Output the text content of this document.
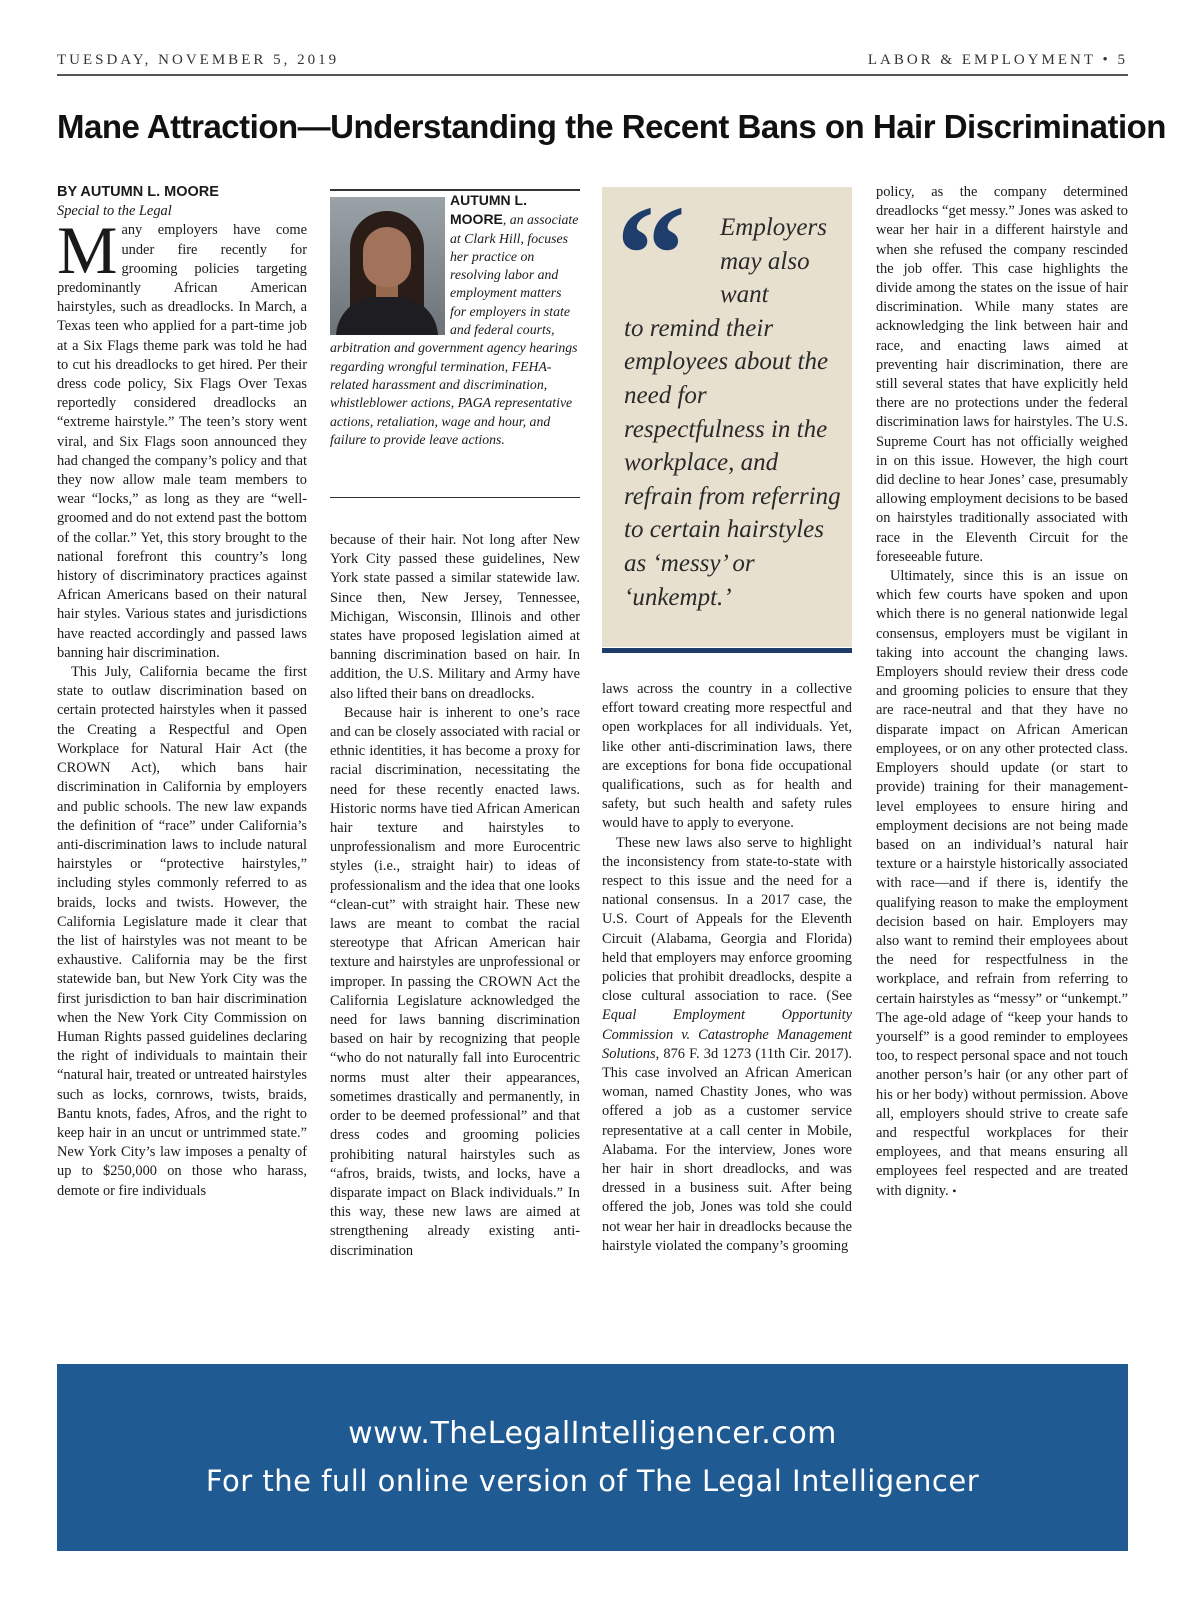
TUESDAY, NOVEMBER 5, 2019	LABOR & EMPLOYMENT • 5
Mane Attraction—Understanding the Recent Bans on Hair Discrimination

BY AUTUMN L. MOORE

Special to the Legal

Many employers have come under fire recently for grooming policies targeting predominantly African American hairstyles, such as dreadlocks. In March, a Texas teen who applied for a part-time job at a Six Flags theme park was told he had to cut his dreadlocks to get hired. Per their dress code policy, Six Flags Over Texas reportedly considered dreadlocks an “extreme hairstyle.” The teen’s story went viral, and Six Flags soon announced they had changed the company’s policy and that they now allow male team members to wear “locks,” as long as they are “well-groomed and do not extend past the bottom of the collar.” Yet, this story brought to the national forefront this country’s long history of discriminatory practices against African Americans based on their natural hair styles. Various states and jurisdictions have reacted accordingly and passed laws banning hair discrimination.

This July, California became the first state to outlaw discrimination based on certain protected hairstyles when it passed the Creating a Respectful and Open Workplace for Natural Hair Act (the CROWN Act), which bans hair discrimination in California by employers and public schools. The new law expands the definition of “race” under California’s anti-discrimination laws to include natural hairstyles or “protective hairstyles,” including styles commonly referred to as braids, locks and twists. However, the California Legislature made it clear that the list of hairstyles was not meant to be exhaustive. California may be the first statewide ban, but New York City was the first jurisdiction to ban hair discrimination when the New York City Commission on Human Rights passed guidelines declaring the right of individuals to maintain their “natural hair, treated or untreated hairstyles such as locks, cornrows, twists, braids, Bantu knots, fades, Afros, and the right to keep hair in an uncut or untrimmed state.” New York City’s law imposes a penalty of up to $250,000 on those who harass, demote or fire individuals

AUTUMN L. MOORE, an associate at Clark Hill, focuses her practice on resolving labor and employment matters for employers in state and federal courts, arbitration and government agency hearings regarding wrongful termination, FEHA-related harassment and discrimination, whistleblower actions, PAGA representative actions, retaliation, wage and hour, and failure to provide leave actions.

because of their hair. Not long after New York City passed these guidelines, New York state passed a similar statewide law. Since then, New Jersey, Tennessee, Michigan, Wisconsin, Illinois and other states have proposed legislation aimed at banning discrimination based on hair. In addition, the U.S. Military and Army have also lifted their bans on dreadlocks.

Because hair is inherent to one’s race and can be closely associated with racial or ethnic identities, it has become a proxy for racial discrimination, necessitating the need for these recently enacted laws. Historic norms have tied African American hair texture and hairstyles to unprofessionalism and more Eurocentric styles (i.e., straight hair) to ideas of professionalism and the idea that one looks “clean-cut” with straight hair. These new laws are meant to combat the racial stereotype that African American hair texture and hairstyles are unprofessional or improper. In passing the CROWN Act the California Legislature acknowledged the need for laws banning discrimination based on hair by recognizing that people “who do not naturally fall into Eurocentric norms must alter their appearances, sometimes drastically and permanently, in order to be deemed professional” and that dress codes and grooming policies prohibiting natural hairstyles such as “afros, braids, twists, and locks, have a disparate impact on Black individuals.” In this way, these new laws are aimed at strengthening already existing anti-discrimination

“	Employers
may also
want
to remind their employees about the need for respectfulness in the workplace, and refrain from referring to certain hairstyles as ‘messy’ or ‘unkempt.’

laws across the country in a collective effort toward creating more respectful and open workplaces for all individuals. Yet, like other anti-discrimination laws, there are exceptions for bona fide occupational qualifications, such as for health and safety, but such health and safety rules would have to apply to everyone.

These new laws also serve to highlight the inconsistency from state-to-state with respect to this issue and the need for a national consensus. In a 2017 case, the U.S. Court of Appeals for the Eleventh Circuit (Alabama, Georgia and Florida) held that employers may enforce grooming policies that prohibit dreadlocks, despite a close cultural association to race. (See Equal Employment Opportunity Commission v. Catastrophe Management Solutions, 876 F. 3d 1273 (11th Cir. 2017). This case involved an African American woman, named Chastity Jones, who was offered a job as a customer service representative at a call center in Mobile, Alabama. For the interview, Jones wore her hair in short dreadlocks, and was dressed in a business suit. After being offered the job, Jones was told she could not wear her hair in dreadlocks because the hairstyle violated the company’s grooming

policy, as the company determined dreadlocks “get messy.” Jones was asked to wear her hair in a different hairstyle and when she refused the company rescinded the job offer. This case highlights the divide among the states on the issue of hair discrimination. While many states are acknowledging the link between hair and race, and enacting laws aimed at preventing hair discrimination, there are still several states that have explicitly held there are no protections under the federal discrimination laws for hairstyles. The U.S. Supreme Court has not officially weighed in on this issue. However, the high court did decline to hear Jones’ case, presumably allowing employment decisions to be based on hairstyles traditionally associated with race in the Eleventh Circuit for the foreseeable future.

Ultimately, since this is an issue on which few courts have spoken and upon which there is no general nationwide legal consensus, employers must be vigilant in taking into account the changing laws. Employers should review their dress code and grooming policies to ensure that they are race-neutral and that they have no disparate impact on African American employees, or on any other protected class. Employers should update (or start to provide) training for their management-level employees to ensure hiring and employment decisions are not being made based on an individual’s natural hair texture or a hairstyle historically associated with race—and if there is, identify the qualifying reason to make the employment decision based on hair. Employers may also want to remind their employees about the need for respectfulness in the workplace, and refrain from referring to certain hairstyles as “messy” or “unkempt.” The age-old adage of “keep your hands to yourself” is a good reminder to employees too, to respect personal space and not touch another person’s hair (or any other part of his or her body) without permission. Above all, employers should strive to create safe and respectful workplaces for their employees, and that means ensuring all employees feel respected and are treated with dignity. •

www.TheLegalIntelligencer.com
For the full online version of The Legal Intelligencer
